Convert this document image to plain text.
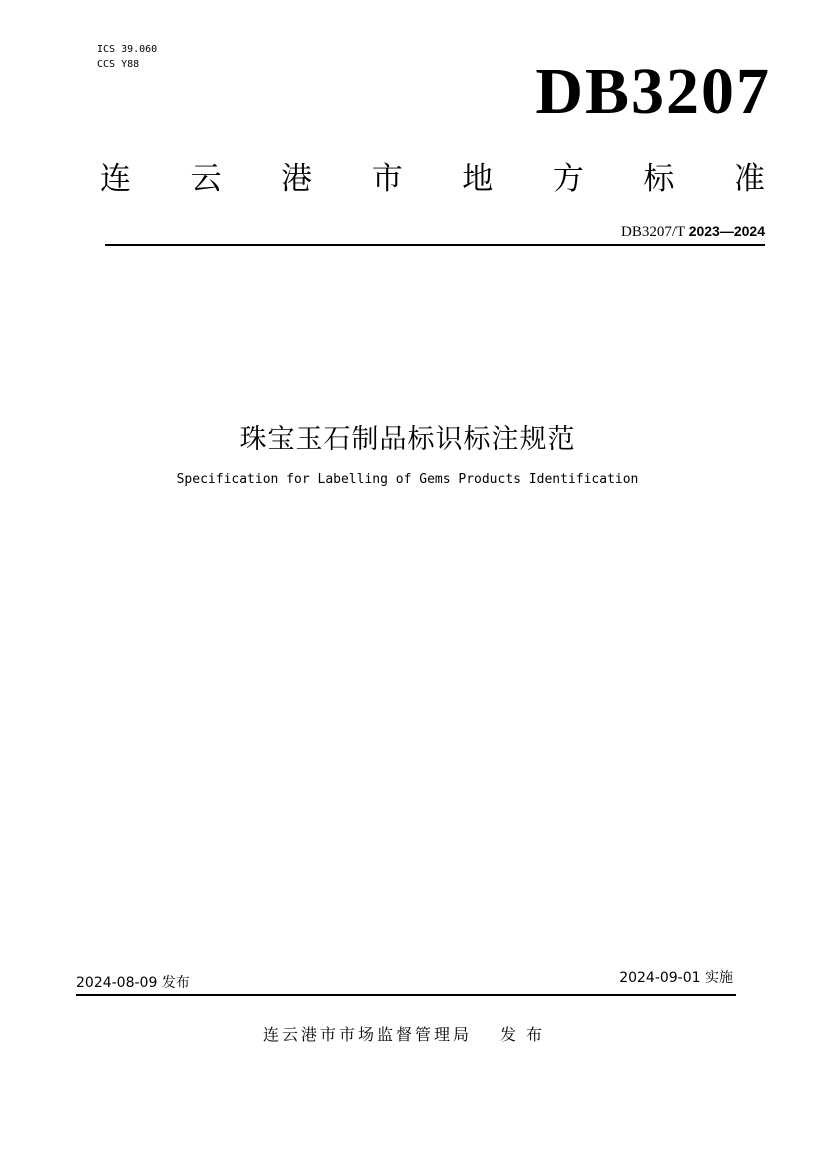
ICS 39.060
CCS Y88	DB3207
连 云 港 市 地 方 标 准
DB3207/T 2023—2024
珠宝玉石制品标识标注规范
Specification for Labelling of Gems Products Identification
2024-08-09 发布	2024-09-01 实施
连云港市市场监督管理局 发布
